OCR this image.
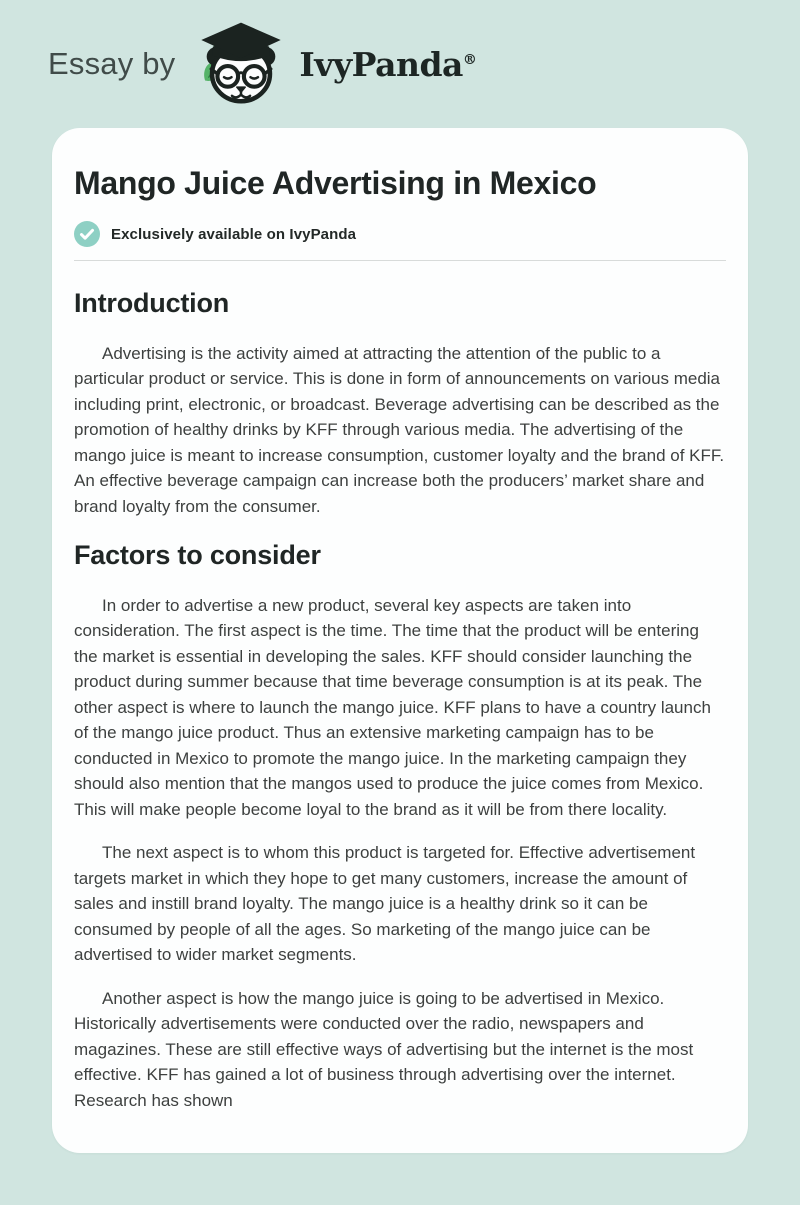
Essay by	IvyPanda®
Mango Juice Advertising in Mexico
Exclusively available on IvyPanda
Introduction

Advertising is the activity aimed at attracting the attention of the public to a particular product or service. This is done in form of announcements on various media including print, electronic, or broadcast. Beverage advertising can be described as the promotion of healthy drinks by KFF through various media. The advertising of the mango juice is meant to increase consumption, customer loyalty and the brand of KFF. An effective beverage campaign can increase both the producers’ market share and brand loyalty from the consumer.

Factors to consider

In order to advertise a new product, several key aspects are taken into consideration. The first aspect is the time. The time that the product will be entering the market is essential in developing the sales. KFF should consider launching the product during summer because that time beverage consumption is at its peak. The other aspect is where to launch the mango juice. KFF plans to have a country launch of the mango juice product. Thus an extensive marketing campaign has to be conducted in Mexico to promote the mango juice. In the marketing campaign they should also mention that the mangos used to produce the juice comes from Mexico. This will make people become loyal to the brand as it will be from there locality.

The next aspect is to whom this product is targeted for. Effective advertisement targets market in which they hope to get many customers, increase the amount of sales and instill brand loyalty. The mango juice is a healthy drink so it can be consumed by people of all the ages. So marketing of the mango juice can be advertised to wider market segments.

Another aspect is how the mango juice is going to be advertised in Mexico. Historically advertisements were conducted over the radio, newspapers and magazines. These are still effective ways of advertising but the internet is the most effective. KFF has gained a lot of business through advertising over the internet. Research has shown
